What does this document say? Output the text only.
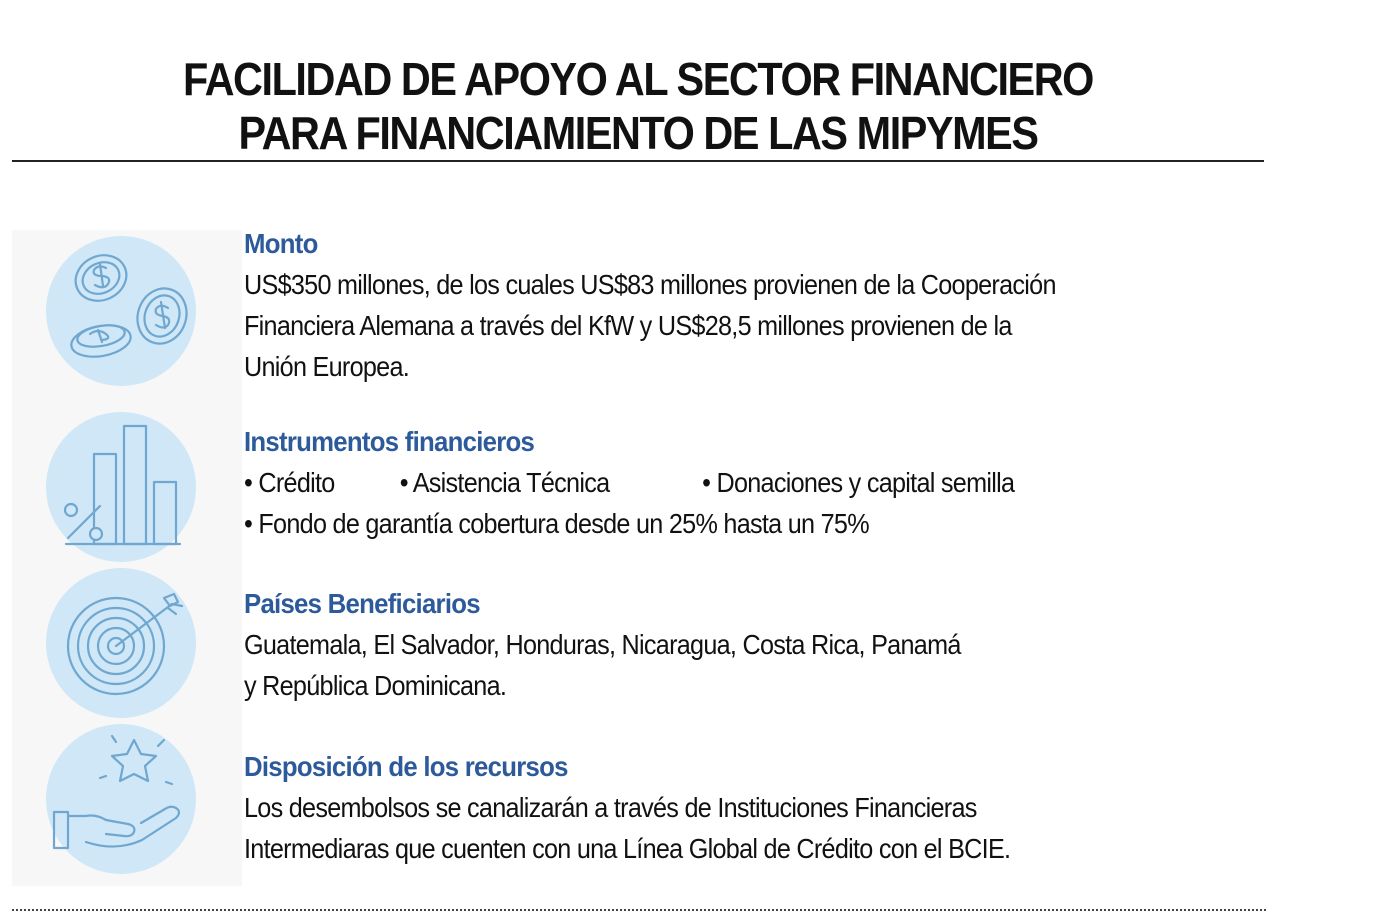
FACILIDAD DE APOYO AL SECTOR FINANCIERO
PARA FINANCIAMIENTO DE LAS MIPYMES
Monto
US$350 millones, de los cuales US$83 millones provienen de la Cooperación
Financiera Alemana a través del KfW y US$28,5 millones provienen de la
Unión Europea.
Instrumentos financieros
• Crédito	• Asistencia Técnica	• Donaciones y capital semilla
• Fondo de garantía cobertura desde un 25% hasta un 75%
Países Beneficiarios
Guatemala, El Salvador, Honduras, Nicaragua, Costa Rica, Panamá
y República Dominicana.
Disposición de los recursos
Los desembolsos se canalizarán a través de Instituciones Financieras
Intermediaras que cuenten con una Línea Global de Crédito con el BCIE.
